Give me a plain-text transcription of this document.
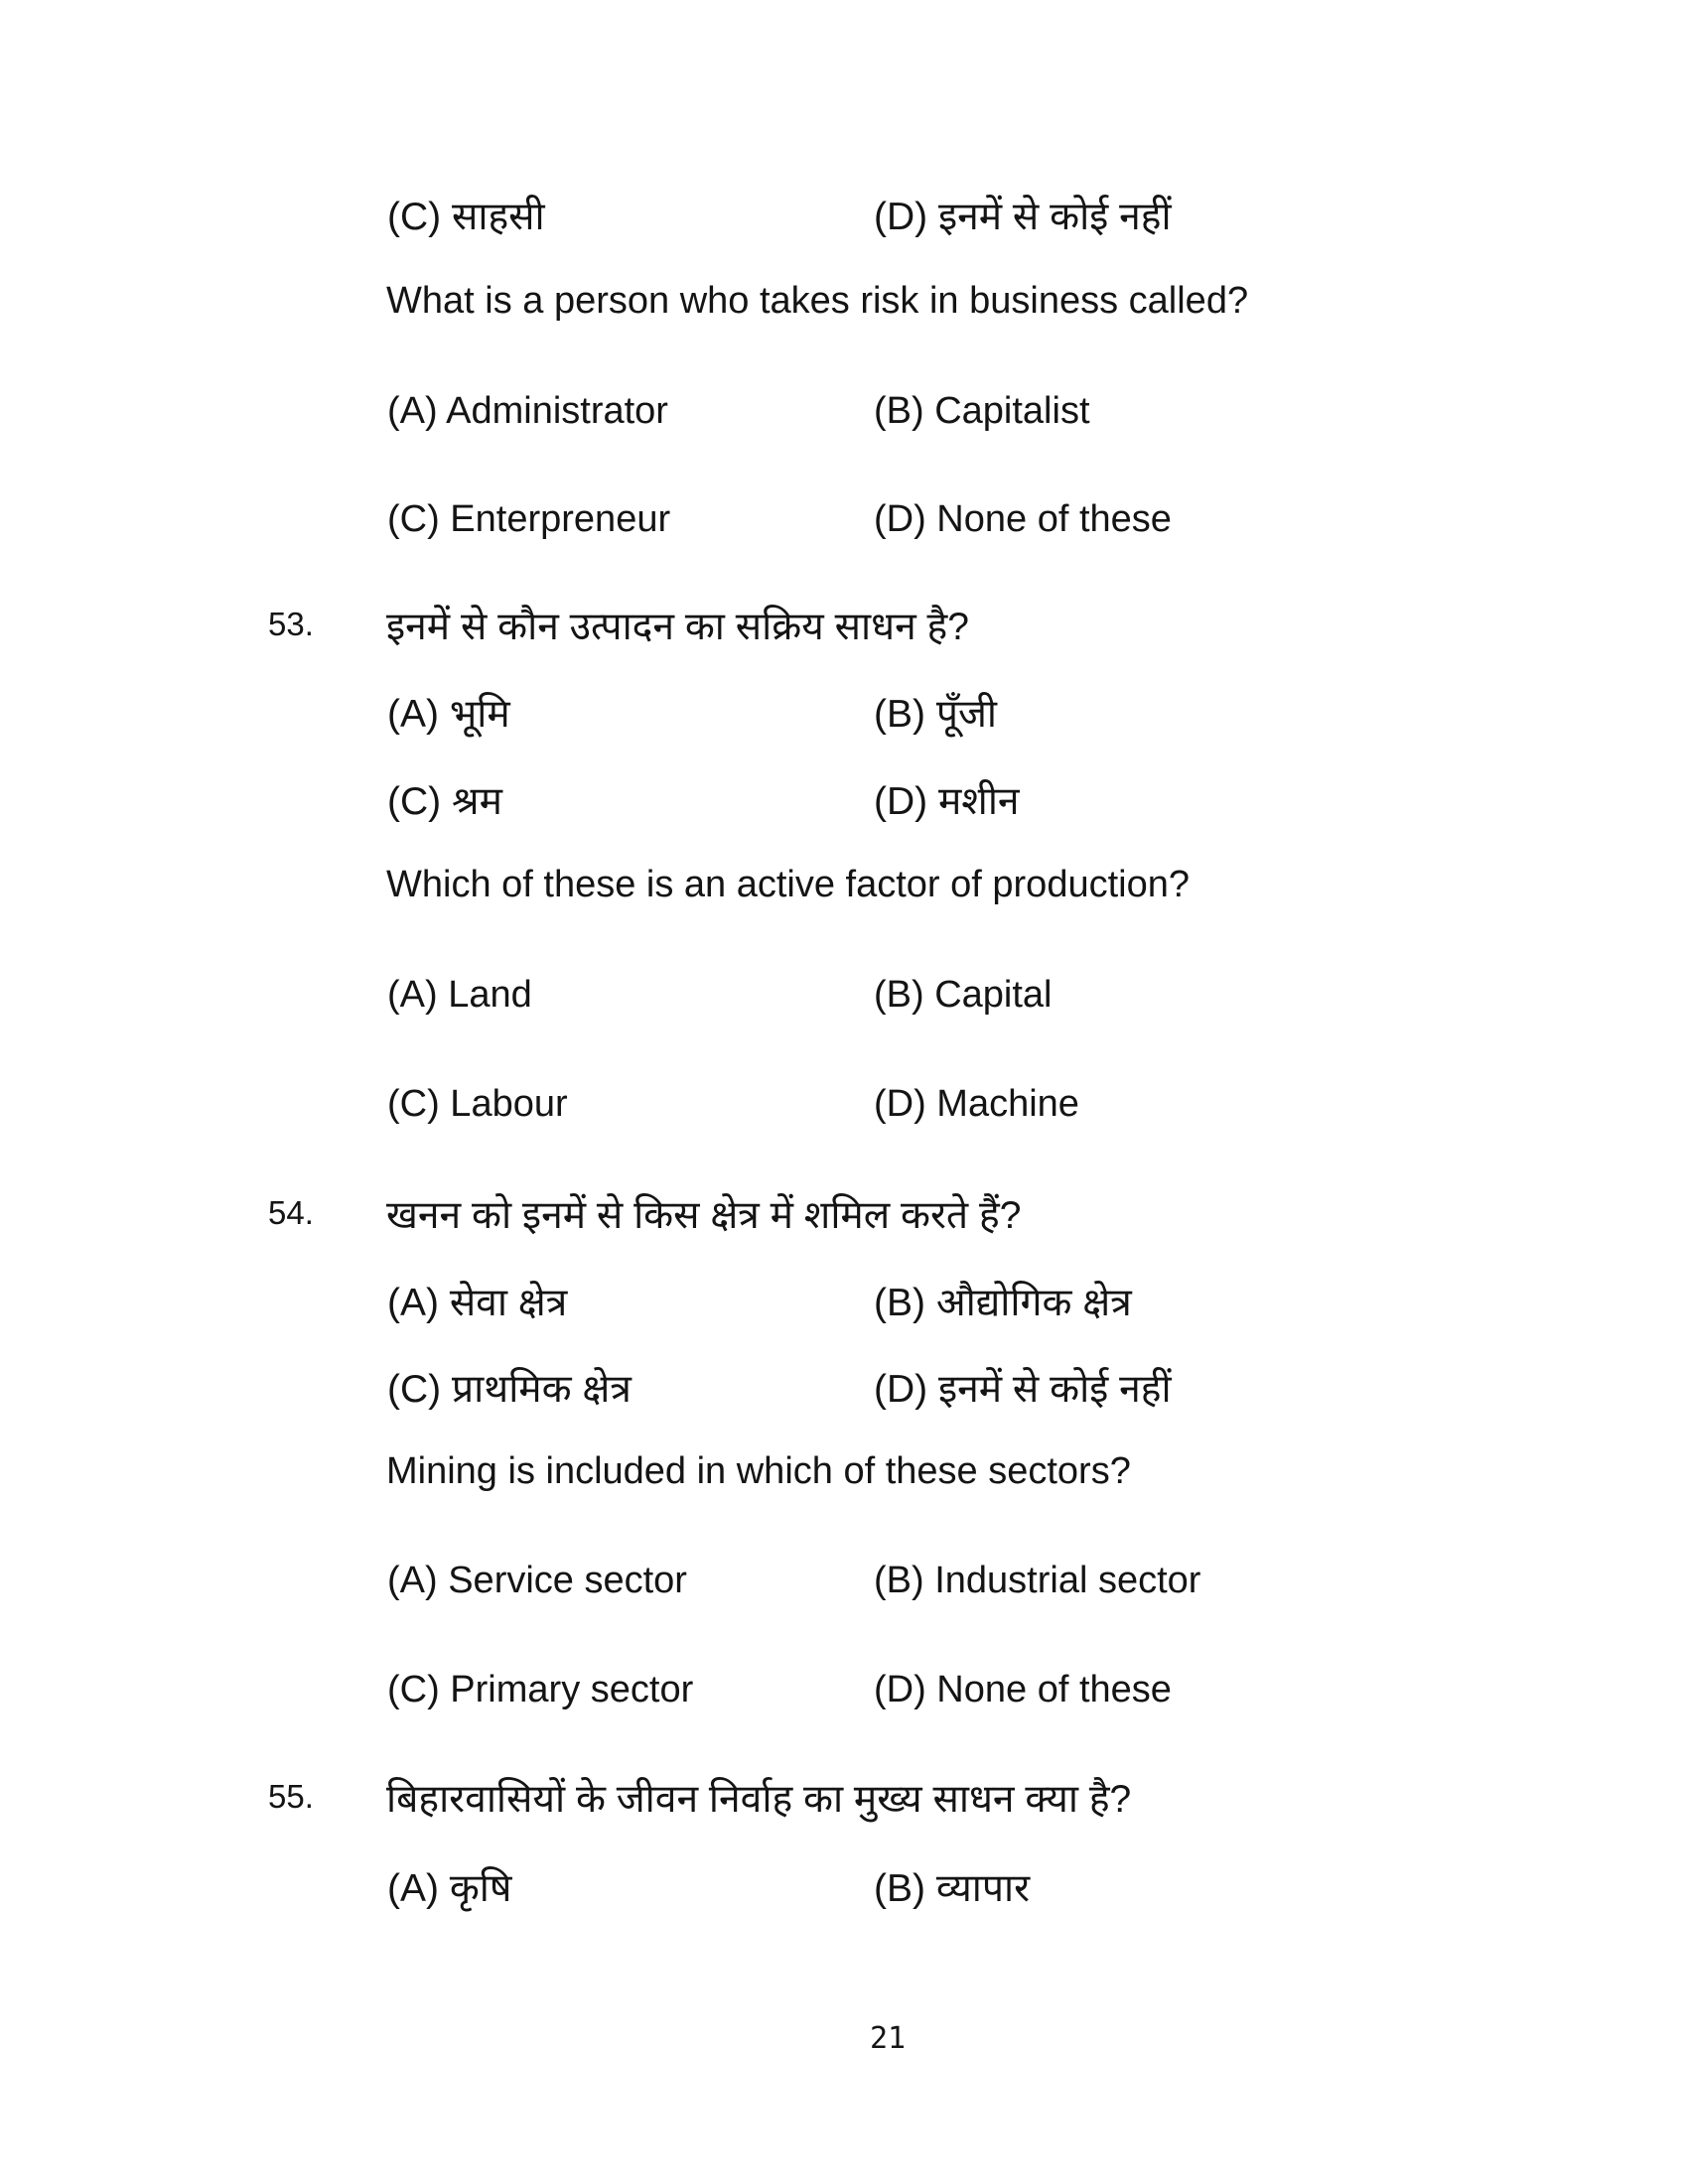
(C) साहसी	(D) इनमें से कोई नहीं
What is a person who takes risk in business called?
(A) Administrator	(B) Capitalist
(C) Enterpreneur	(D) None of these
53. इनमें से कौन उत्पादन का सक्रिय साधन है?
(A) भूमि	(B) पूँजी
(C) श्रम	(D) मशीन
Which of these is an active factor of production?
(A) Land	(B) Capital
(C) Labour	(D) Machine
54. खनन को इनमें से किस क्षेत्र में शमिल करते हैं?
(A) सेवा क्षेत्र	(B) औद्योगिक क्षेत्र
(C) प्राथमिक क्षेत्र	(D) इनमें से कोई नहीं
Mining is included in which of these sectors?
(A) Service sector	(B) Industrial sector
(C) Primary sector	(D) None of these
55. बिहारवासियों के जीवन निर्वाह का मुख्य साधन क्या है?
(A) कृषि	(B) व्यापार
21
